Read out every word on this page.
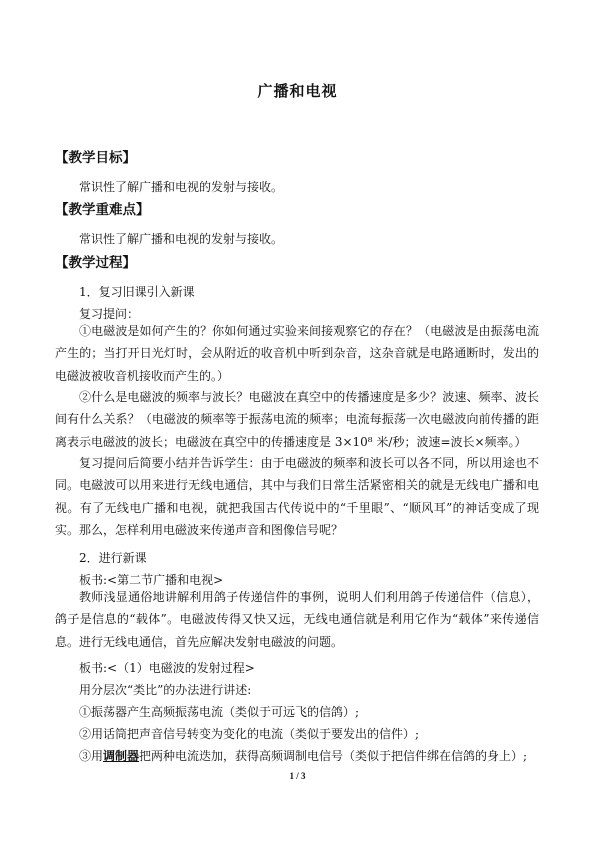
广播和电视
【教学目标】
常识性了解广播和电视的发射与接收。
【教学重难点】
常识性了解广播和电视的发射与接收。
【教学过程】
1．复习旧课引入新课
复习提问：
①电磁波是如何产生的？你如何通过实验来间接观察它的存在？（电磁波是由振荡电流产生的；当打开日光灯时，会从附近的收音机中听到杂音，这杂音就是电路通断时，发出的电磁波被收音机接收而产生的。）
②什么是电磁波的频率与波长？电磁波在真空中的传播速度是多少？波速、频率、波长间有什么关系？（电磁波的频率等于振荡电流的频率；电流每振荡一次电磁波向前传播的距离表示电磁波的波长；电磁波在真空中的传播速度是 3×10⁸ 米/秒；波速=波长×频率。）
复习提问后简要小结并告诉学生：由于电磁波的频率和波长可以各不同，所以用途也不同。电磁波可以用来进行无线电通信，其中与我们日常生活紧密相关的就是无线电广播和电视。有了无线电广播和电视，就把我国古代传说中的“千里眼”、“顺风耳”的神话变成了现实。那么，怎样利用电磁波来传递声音和图像信号呢？
2．进行新课
板书:<第二节广播和电视>
教师浅显通俗地讲解利用鸽子传递信件的事例，说明人们利用鸽子传递信件（信息），鸽子是信息的“载体”。电磁波传得又快又远，无线电通信就是利用它作为“载体”来传递信息。进行无线电通信，首先应解决发射电磁波的问题。
板书:<（1）电磁波的发射过程>
用分层次“类比”的办法进行讲述:
①振荡器产生高频振荡电流（类似于可远飞的信鸽）;
②用话筒把声音信号转变为变化的电流（类似于要发出的信件）;
③用调制器把两种电流迭加，获得高频调制电信号（类似于把信件绑在信鸽的身上）;
1 / 3
